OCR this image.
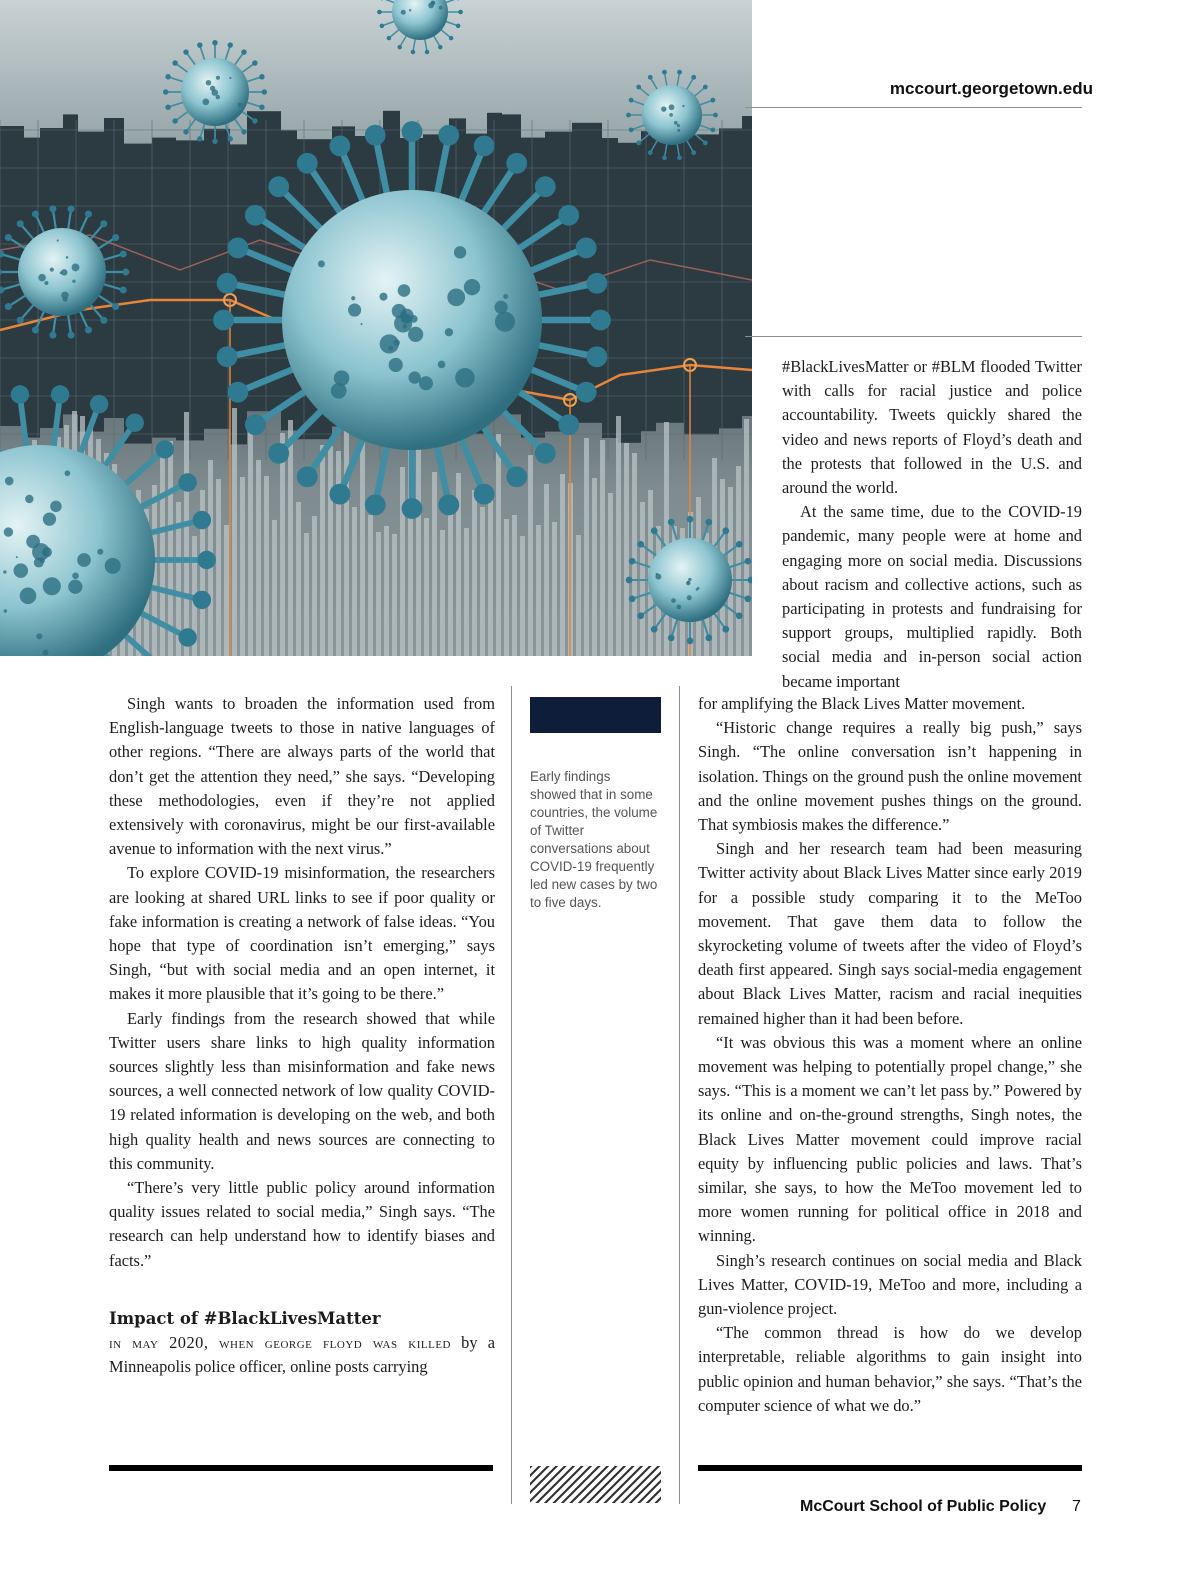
mccourt.georgetown.edu

Singh wants to broaden the information used from English-language tweets to those in native languages of other regions. “There are always parts of the world that don’t get the attention they need,” she says. “Developing these methodologies, even if they’re not applied extensively with coronavirus, might be our first-available avenue to information with the next virus.”

To explore COVID-19 misinformation, the researchers are looking at shared URL links to see if poor quality or fake information is creating a network of false ideas. “You hope that type of coordination isn’t emerging,” says Singh, “but with social media and an open internet, it makes it more plausible that it’s going to be there.”

Early findings from the research showed that while Twitter users share links to high quality information sources slightly less than misinformation and fake news sources, a well connected network of low quality COVID-19 related information is developing on the web, and both high quality health and news sources are connecting to this community.

“There’s very little public policy around information quality issues related to social media,” Singh says. “The research can help understand how to identify biases and facts.”

Impact of #BlackLivesMatter

in may 2020, when george floyd was killed by a Minneapolis police officer, online posts carrying

Early findings showed that in some countries, the volume of Twitter conversations about COVID-19 frequently led new cases by two to five days.

#BlackLivesMatter or #BLM flooded Twitter with calls for racial justice and police accountability. Tweets quickly shared the video and news reports of Floyd’s death and the protests that followed in the U.S. and around the world.

At the same time, due to the COVID-19 pandemic, many people were at home and engaging more on social media. Discussions about racism and collective actions, such as participating in protests and fundraising for support groups, multiplied rapidly. Both social media and in-person social action became important

for amplifying the Black Lives Matter movement.

“Historic change requires a really big push,” says Singh. “The online conversation isn’t happening in isolation. Things on the ground push the online movement and the online movement pushes things on the ground. That symbiosis makes the difference.”

Singh and her research team had been measuring Twitter activity about Black Lives Matter since early 2019 for a possible study comparing it to the MeToo movement. That gave them data to follow the skyrocketing volume of tweets after the video of Floyd’s death first appeared. Singh says social-media engagement about Black Lives Matter, racism and racial inequities remained higher than it had been before.

“It was obvious this was a moment where an online movement was helping to potentially propel change,” she says. “This is a moment we can’t let pass by.” Powered by its online and on-the-ground strengths, Singh notes, the Black Lives Matter movement could improve racial equity by influencing public policies and laws. That’s similar, she says, to how the MeToo movement led to more women running for political office in 2018 and winning.

Singh’s research continues on social media and Black Lives Matter, COVID-19, MeToo and more, including a gun-violence project.

“The common thread is how do we develop interpretable, reliable algorithms to gain insight into public opinion and human behavior,” she says. “That’s the computer science of what we do.”

McCourt School of Public Policy 7
